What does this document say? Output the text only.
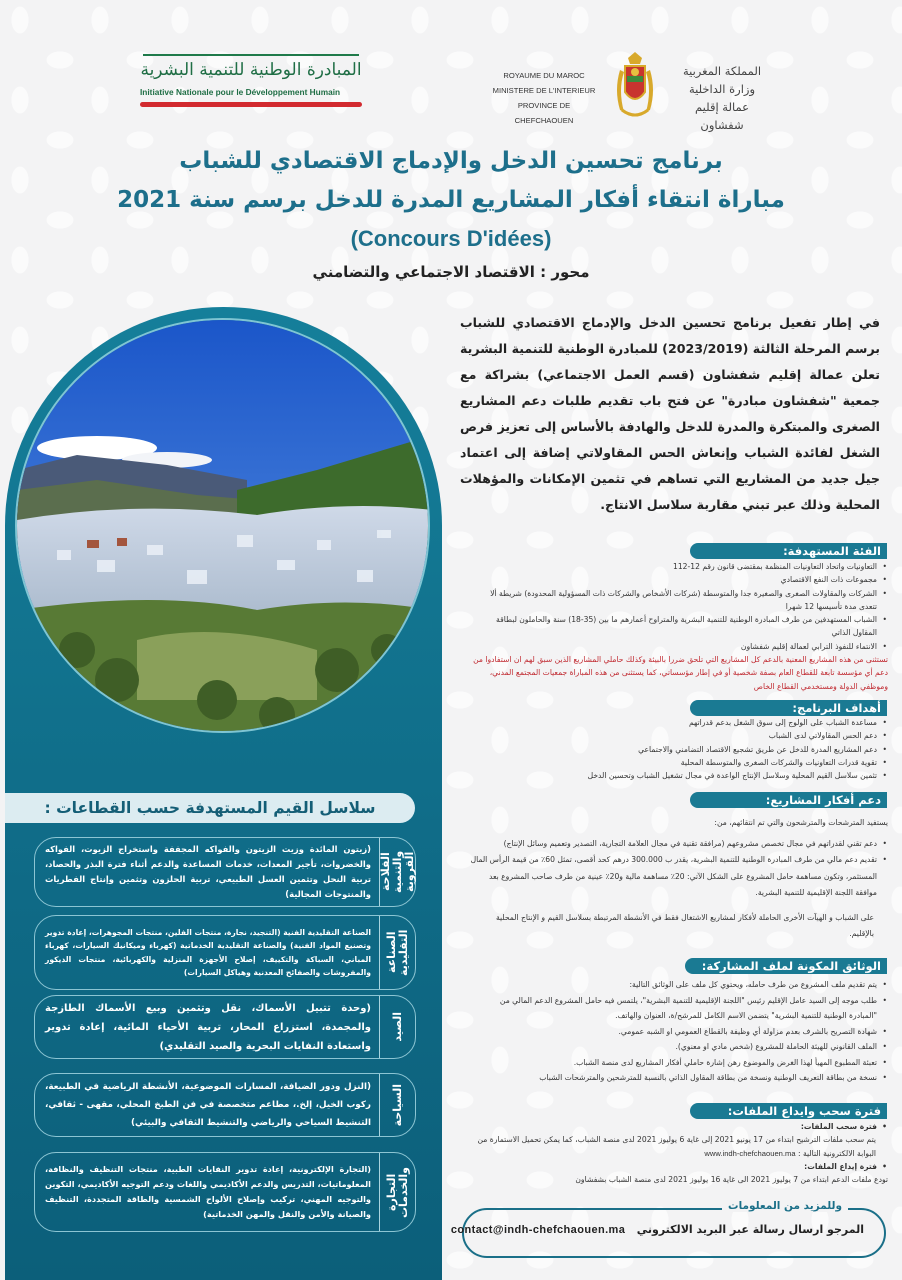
المبادرة الوطنية للتنمية البشرية
Initiative Nationale pour le Développement Humain
ROYAUME DU MAROC
MINISTERE DE L'INTERIEUR
PROVINCE DE CHEFCHAOUEN
المملكة المغربية
وزارة الداخلية
عمالة إقليم شفشاون
برنامج تحسين الدخل والإدماج الاقتصادي للشباب
مباراة انتقاء أفكار المشاريع المدرة للدخل برسم سنة 2021
(Concours D'idées)
محور : الاقتصاد الاجتماعي والتضامني
سلاسل القيم المستهدفة حسب القطاعات :
الفلاحة والتنمية القروية
(زيتون المائدة وزيت الزيتون والفواكه المجففة واستخراج الزيوت، الفواكه والخضروات، تأجير المعدات، خدمات المساعدة والدعم أثناء فترة البذر والحصاد، تربية النحل وتثمين العسل الطبيعي، تربية الحلزون وتثمين وإنتاج الفطريات والمنتوجات المجالية)
الصناعة التقليدية
الصناعة التقليدية الفنية (التنجيد، نجارة، منتجات الفلين، منتجات المجوهرات، إعادة تدوير وتصنيع المواد الفنية) والصناعة التقليدية الخدماتية (كهرباء وميكانيك السيارات، كهرباء المباني، السباكة والتكييف، إصلاح الأجهزة المنزلية والكهربائية، منتجات الديكور والمفروشات والصفائح المعدنية وهياكل السيارات)
الصيد
(وحدة تتبيل الأسماك، نقل وتثمين وبيع الأسماك الطازجة والمجمدة، استزراع المحار، تربية الأحياء المائية، إعادة تدوير واستعادة النفايات البحرية والصيد التقليدي)
السياحة
(النزل ودور الضيافة، المسارات الموضوعية، الأنشطة الرياضية في الطبيعة، ركوب الخيل، إلخ.، مطاعم متخصصة في فن الطبخ المحلي، مقهى - ثقافي، التنشيط السياحي والرياضي والتنشيط الثقافي والبيئي)
التجارة والخدمات
(التجارة الإلكترونية، إعادة تدوير النفايات الطبية، منتجات التنظيف والنظافة، المعلوماتيات، التدريس والدعم الأكاديمي واللغات ودعم التوجيه الأكاديمي، التكوين والتوجيه المهني، تركيب وإصلاح الألواح الشمسية والطاقة المتجددة، التنظيف والصيانة والأمن والنقل والمهن الخدماتية)
في إطار تفعيل برنامج تحسين الدخل والإدماج الاقتصادي للشباب برسم المرحلة الثالثة (2023/2019) للمبادرة الوطنية للتنمية البشرية تعلن عمالة إقليم شفشاون (قسم العمل الاجتماعي) بشراكة مع جمعية "شفشاون مبادرة" عن فتح باب تقديم طلبات دعم المشاريع الصغرى والمبتكرة والمدرة للدخل والهادفة بالأساس إلى تعزيز فرص الشغل لفائدة الشباب وإنعاش الحس المقاولاتي إضافة إلى اعتماد جيل جديد من المشاريع التي تساهم في تثمين الإمكانات والمؤهلات المحلية وذلك عبر تبني مقاربة سلاسل الانتاج.
الفئة المستهدفة:
• التعاونيات واتحاد التعاونيات المنظمة بمقتضى قانون رقم 12-112
• مجموعات ذات النفع الاقتصادي
• الشركات والمقاولات الصغرى والصغيرة جدا والمتوسطة (شركات الأشخاص والشركات ذات المسؤولية المحدودة) شريطة ألا تتعدى مدة تأسيسها 12 شهرا
• الشباب المستهدفين من طرف المبادرة الوطنية للتنمية البشرية والمتراوح أعمارهم ما بين (35-18) سنة والحاملون لبطاقة المقاول الذاتي
• الانتماء للنفوذ الترابي لعمالة إقليم شفشاون

تستثنى من هذه المشاريع المعنية بالدعم كل المشاريع التي تلحق ضررا بالبيئة وكذلك حاملي المشاريع الذين سبق لهم ان استفادوا من دعم أي مؤسسة تابعة للقطاع العام بصفة شخصية أو في إطار مؤسساتي، كما يستثنى من هذه المباراة جمعيات المجتمع المدني، وموظفي الدولة ومستخدمي القطاع الخاص

أهداف البرنامج:
• مساعدة الشباب على الولوج إلى سوق الشغل بدعم قدراتهم
• دعم الحس المقاولاتي لدى الشباب
• دعم المشاريع المدرة للدخل عن طريق تشجيع الاقتصاد التضامني والاجتماعي
• تقوية قدرات التعاونيات والشركات الصغرى والمتوسطة المحلية
• تثمين سلاسل القيم المحلية وسلاسل الإنتاج الواعدة في مجال تشغيل الشباب وتحسين الدخل
دعم أفكار المشاريع:

يستفيد المترشحات والمترشحون والتي تم انتقائهم، من:

• دعم تقني لقدراتهم في مجال تخصص مشروعهم (مرافقة تقنية في مجال العلامة التجارية، التصدير وتعميم وسائل الإنتاج)
• تقديم دعم مالي من طرف المبادرة الوطنية للتنمية البشرية، يقدر ب 300.000 درهم كحد أقصى، تمثل 60٪ من قيمة الرأس المال المستثمر، وتكون مساهمة حامل المشروع على الشكل الآتي: 20٪ مساهمة مالية و20٪ عينية من طرف صاحب المشروع بعد موافقة اللجنة الإقليمية للتنمية البشرية.

على الشباب و الهيآت الأخرى الحاملة لأفكار لمشاريع الاشتغال فقط في الأنشطة المرتبطة بسلاسل القيم و الإنتاج المحلية بالإقليم.

الوثائق المكونة لملف المشاركة:
• يتم تقديم ملف المشروع من طرف حامله، ويحتوي كل ملف على الوثائق التالية:
• طلب موجه إلى السيد عامل الإقليم رئيس "اللجنة الإقليمية للتنمية البشرية"، يلتمس فيه حامل المشروع الدعم المالي من "المبادرة الوطنية للتنمية البشرية" يتضمن الاسم الكامل للمرشح/ة، العنوان والهاتف.
• شهادة التصريح بالشرف بعدم مزاولة أي وظيفة بالقطاع العمومي او الشبه عمومي.
• الملف القانوني للهيئة الحاملة للمشروع (شخص مادي او معنوي).
• تعبئة المطبوع المهيأ لهذا الغرض والموضوع رهن إشارة حاملي أفكار المشاريع لدى منصة الشباب.
• نسخة من بطاقة التعريف الوطنية ونسخة من بطاقة المقاول الذاتي بالنسبة للمترشحين والمترشحات الشباب
فترة سحب وايداع الملفات:
• فترة سحب الملفات:

يتم سحب ملفات الترشيح ابتداء من 17 يونيو 2021 إلى غاية 6 يوليوز 2021 لدى منصة الشباب، كما يمكن تحميل الاستمارة من البوابة الالكترونية التالية : www.indh-chefchaouen.ma

• فترة إيداع الملفات:

تودع ملفات الدعم ابتداء من 7 يوليوز 2021 الى غاية 16 يوليوز 2021 لدى منصة الشباب بشفشاون

وللمزيد من المعلومات
المرجو ارسال رسالة عبر البريد الالكتروني   contact@indh-chefchaouen.ma
